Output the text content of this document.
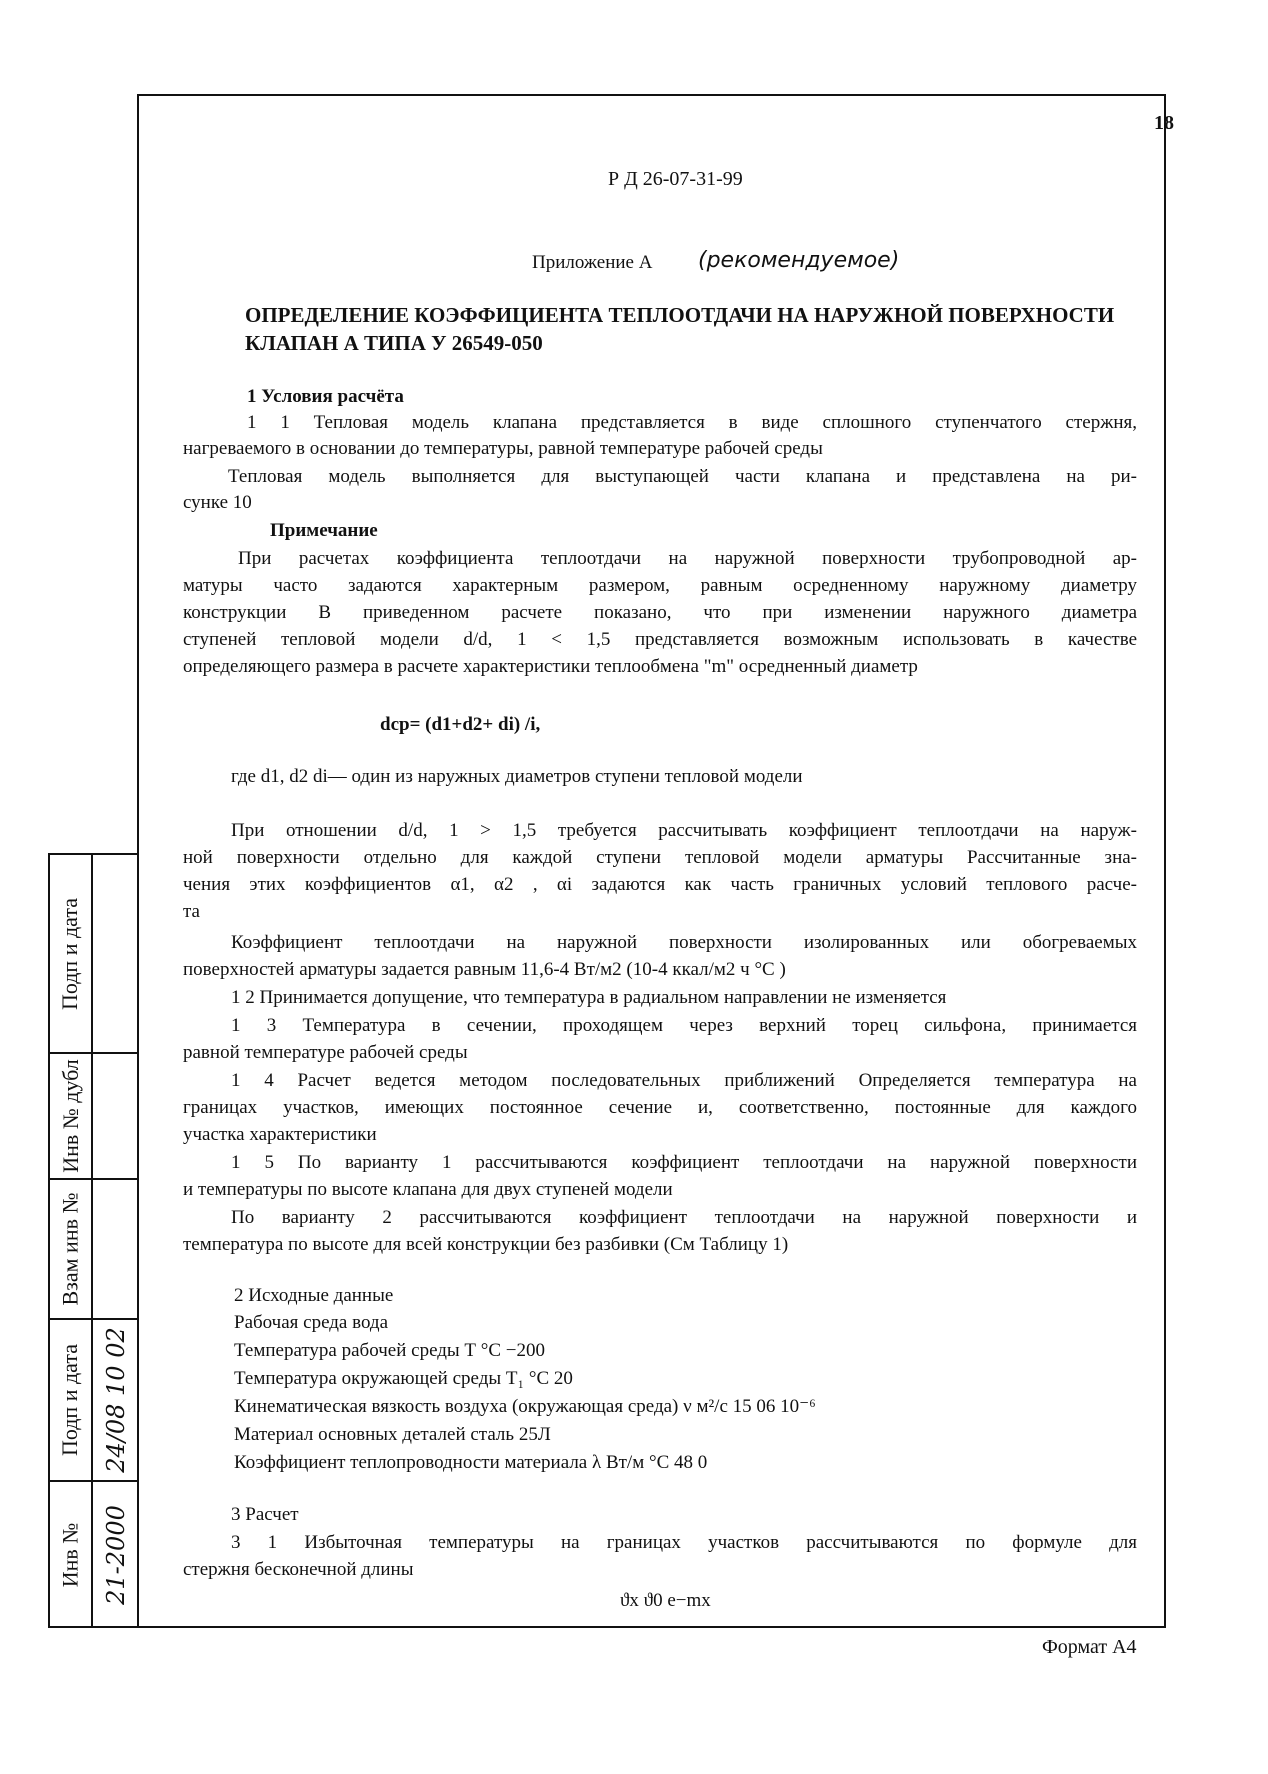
Подп и дата
Инв № дубл
Взам инв №
Подп и дата 24/08 10 02
Инв № 21-2000
18
Р Д 26-07-31-99
Приложение А (рекомендуемое)
ОПРЕДЕЛЕНИЕ КОЭФФИЦИЕНТА ТЕПЛООТДАЧИ НА НАРУЖНОЙ ПОВЕРХНОСТИ
КЛАПАН А ТИПА У 26549-050
1 Условия расчёта
1 1 Тепловая модель клапана представляется в виде сплошного ступенчатого стержня,
нагреваемого в основании до температуры, равной температуре рабочей среды
Тепловая модель выполняется для выступающей части клапана и представлена на ри-
сунке 10
Примечание
При расчетах коэффициента теплоотдачи на наружной поверхности трубопроводной ар-
матуры часто задаются характерным размером, равным осредненному наружному диаметру
конструкции В приведенном расчете показано, что при изменении наружного диаметра
ступеней тепловой модели d/d, 1 < 1,5 представляется возможным использовать в качестве
определяющего размера в расчете характеристики теплообмена "m" осредненный диаметр
dср= (d1+d2+ di) /i,
где d1, d2 di— один из наружных диаметров ступени тепловой модели
При отношении d/d, 1 > 1,5 требуется рассчитывать коэффициент теплоотдачи на наруж-
ной поверхности отдельно для каждой ступени тепловой модели арматуры Рассчитанные зна-
чения этих коэффициентов α1, α2 , αi задаются как часть граничных условий теплового расче-
та
Коэффициент теплоотдачи на наружной поверхности изолированных или обогреваемых
поверхностей арматуры задается равным 11,6-4 Вт/м2 (10-4 ккал/м2 ч °С )
1 2 Принимается допущение, что температура в радиальном направлении не изменяется
1 3 Температура в сечении, проходящем через верхний торец сильфона, принимается
равной температуре рабочей среды
1 4 Расчет ведется методом последовательных приближений Определяется температура на
границах участков, имеющих постоянное сечение и, соответственно, постоянные для каждого
участка характеристики
1 5 По варианту 1 рассчитываются коэффициент теплоотдачи на наружной поверхности
и температуры по высоте клапана для двух ступеней модели
По варианту 2 рассчитываются коэффициент теплоотдачи на наружной поверхности и
температура по высоте для всей конструкции без разбивки (См Таблицу 1)
2 Исходные данные
Рабочая среда вода
Температура рабочей среды Т °С −200
Температура окружающей среды Т₁ °С 20
Кинематическая вязкость воздуха (окружающая среда) ν м²/с 15 06 10⁻⁶
Материал основных деталей сталь 25Л
Коэффициент теплопроводности материала λ Вт/м °С 48 0
3 Расчет
3 1 Избыточная температуры на границах участков рассчитываются по формуле для
стержня бесконечной длины
ϑx ϑ0 e−mx
Формат А4
